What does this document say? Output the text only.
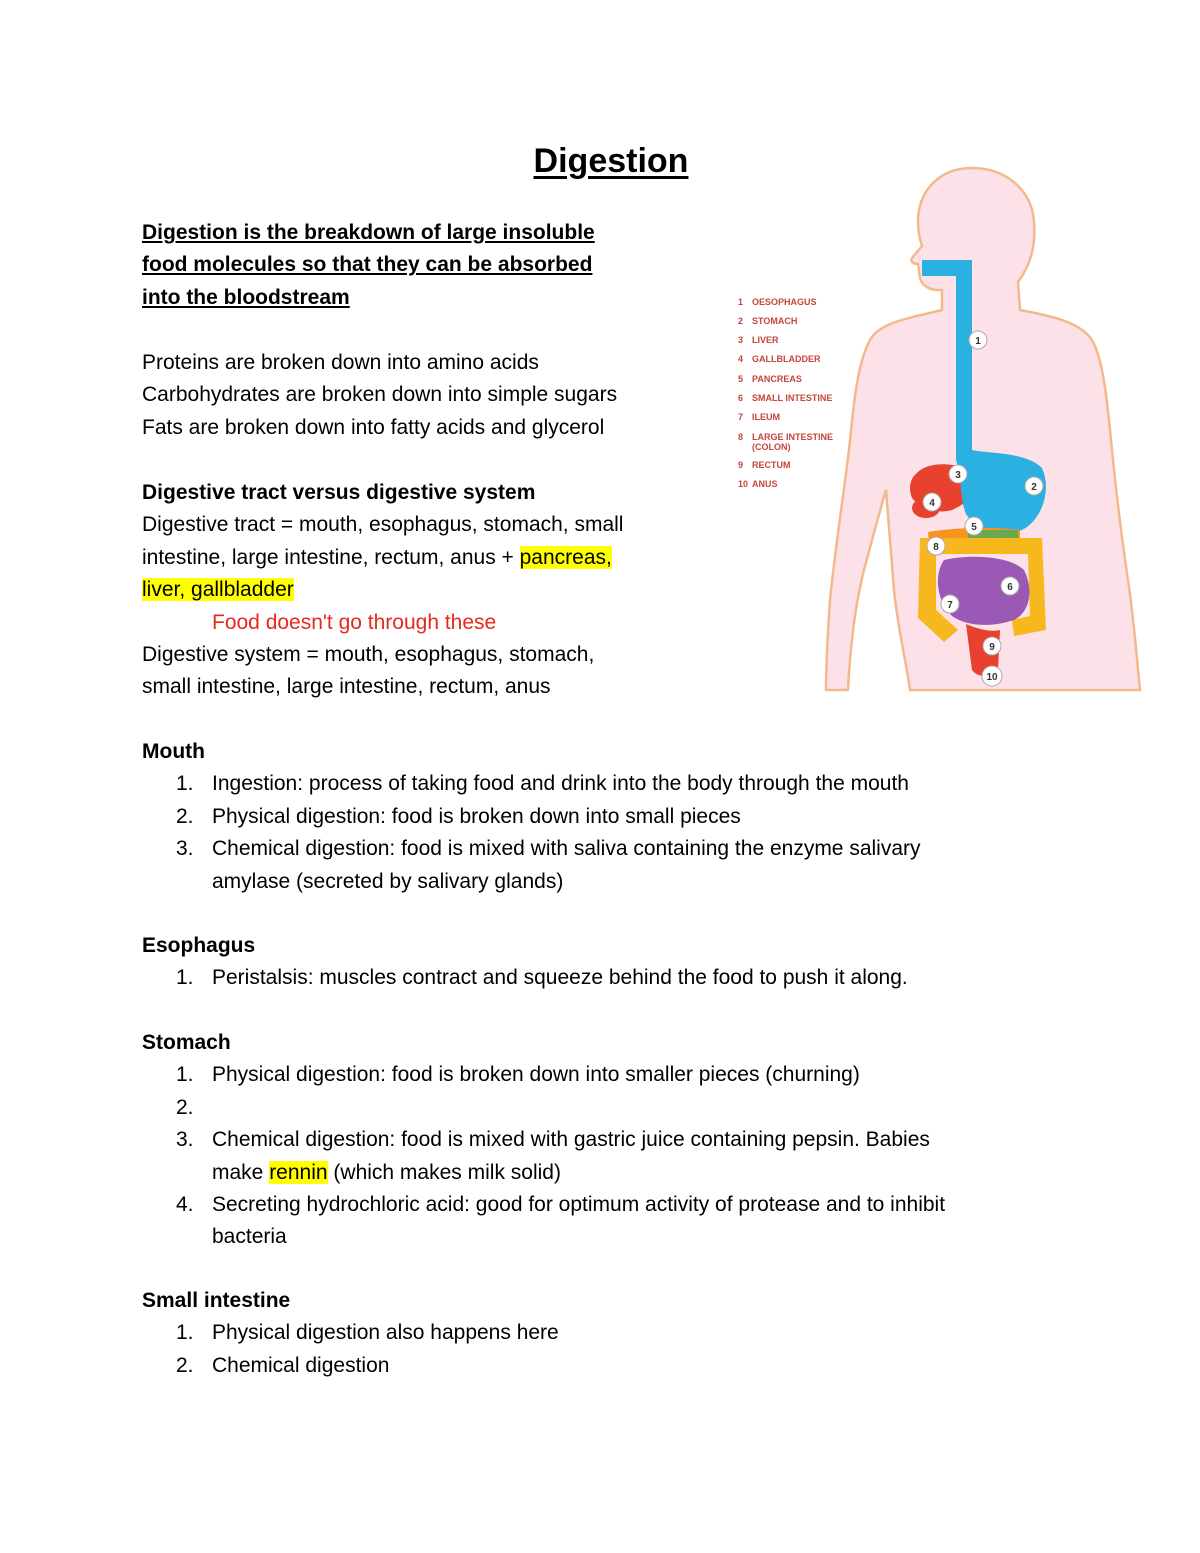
Digestion
Digestion is the breakdown of large insoluble
food molecules so that they can be absorbed
into the bloodstream
Proteins are broken down into amino acids
Carbohydrates are broken down into simple sugars
Fats are broken down into fatty acids and glycerol
Digestive tract versus digestive system
Digestive tract = mouth, esophagus, stomach, small
intestine, large intestine, rectum, anus + pancreas,
liver, gallbladder
Food doesn't go through these
Digestive system = mouth, esophagus, stomach,
small intestine, large intestine, rectum, anus
Mouth
1. Ingestion: process of taking food and drink into the body through the mouth
2. Physical digestion: food is broken down into small pieces
3. Chemical digestion: food is mixed with saliva containing the enzyme salivary
amylase (secreted by salivary glands)
Esophagus
1. Peristalsis: muscles contract and squeeze behind the food to push it along.
Stomach
1. Physical digestion: food is broken down into smaller pieces (churning)
2.
3. Chemical digestion: food is mixed with gastric juice containing pepsin. Babies
make rennin (which makes milk solid)
4. Secreting hydrochloric acid: good for optimum activity of protease and to inhibit
bacteria
Small intestine
1. Physical digestion also happens here
2. Chemical digestion
1
2
3
4
5
6
7
8
9
10
1 OESOPHAGUS
2 STOMACH
3 LIVER
4 GALLBLADDER
5 PANCREAS
6 SMALL INTESTINE
7 ILEUM
8 LARGE INTESTINE
(COLON)
9 RECTUM
10 ANUS
